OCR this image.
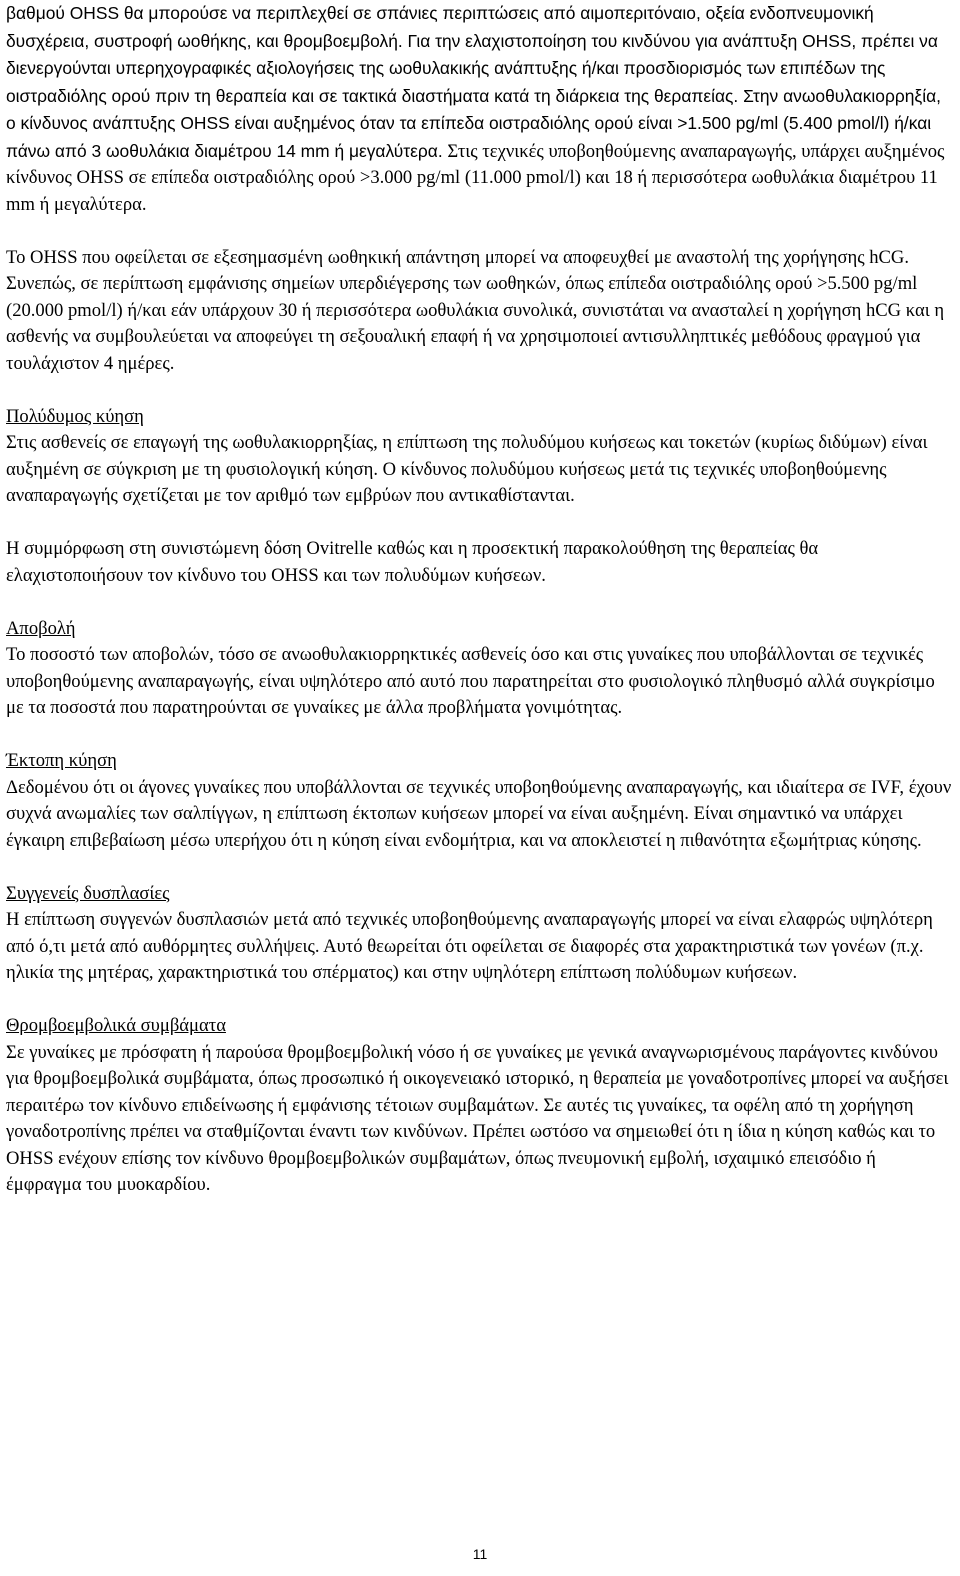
βαθμού OHSS θα μπορούσε να περιπλεχθεί σε σπάνιες περιπτώσεις από αιμοπεριτόναιο, οξεία ενδοπνευμονική δυσχέρεια, συστροφή ωοθήκης, και θρομβοεμβολή. Για την ελαχιστοποίηση του κινδύνου για ανάπτυξη OHSS, πρέπει να διενεργούνται υπερηχογραφικές αξιολογήσεις της ωοθυλακικής ανάπτυξης ή/και προσδιορισμός των επιπέδων της οιστραδιόλης ορού πριν τη θεραπεία και σε τακτικά διαστήματα κατά τη διάρκεια της θεραπείας. Στην ανωοθυλακιορρηξία, ο κίνδυνος ανάπτυξης OHSS είναι αυξημένος όταν τα επίπεδα οιστραδιόλης ορού είναι >1.500 pg/ml (5.400 pmol/l) ή/και πάνω από 3 ωοθυλάκια διαμέτρου 14 mm ή μεγαλύτερα. Στις τεχνικές υποβοηθούμενης αναπαραγωγής, υπάρχει αυξημένος κίνδυνος OHSS σε επίπεδα οιστραδιόλης ορού >3.000 pg/ml (11.000 pmol/l) και 18 ή περισσότερα ωοθυλάκια διαμέτρου 11 mm ή μεγαλύτερα.

Το OHSS που οφείλεται σε εξεσημασμένη ωοθηκική απάντηση μπορεί να αποφευχθεί με αναστολή της χορήγησης hCG. Συνεπώς, σε περίπτωση εμφάνισης σημείων υπερδιέγερσης των ωοθηκών, όπως επίπεδα οιστραδιόλης ορού >5.500 pg/ml (20.000 pmol/l) ή/και εάν υπάρχουν 30 ή περισσότερα ωοθυλάκια συνολικά, συνιστάται να ανασταλεί η χορήγηση hCG και η ασθενής να συμβουλεύεται να αποφεύγει τη σεξουαλική επαφή ή να χρησιμοποιεί αντισυλληπτικές μεθόδους φραγμού για τουλάχιστον 4 ημέρες.

Πολύδυμος κύηση
Στις ασθενείς σε επαγωγή της ωοθυλακιορρηξίας, η επίπτωση της πολυδύμου κυήσεως και τοκετών (κυρίως διδύμων) είναι αυξημένη σε σύγκριση με τη φυσιολογική κύηση. Ο κίνδυνος πολυδύμου κυήσεως μετά τις τεχνικές υποβοηθούμενης αναπαραγωγής σχετίζεται με τον αριθμό των εμβρύων που αντικαθίστανται.

Η συμμόρφωση στη συνιστώμενη δόση Ovitrelle καθώς και η προσεκτική παρακολούθηση της θεραπείας θα ελαχιστοποιήσουν τον κίνδυνο του OHSS και των πολυδύμων κυήσεων.

Αποβολή
Το ποσοστό των αποβολών, τόσο σε ανωοθυλακιορρηκτικές ασθενείς όσο και στις γυναίκες που υποβάλλονται σε τεχνικές υποβοηθούμενης αναπαραγωγής, είναι υψηλότερο από αυτό που παρατηρείται στο φυσιολογικό πληθυσμό αλλά συγκρίσιμο με τα ποσοστά που παρατηρούνται σε γυναίκες με άλλα προβλήματα γονιμότητας.

Έκτοπη κύηση
Δεδομένου ότι οι άγονες γυναίκες που υποβάλλονται σε τεχνικές υποβοηθούμενης αναπαραγωγής, και ιδιαίτερα σε IVF, έχουν συχνά ανωμαλίες των σαλπίγγων, η επίπτωση έκτοπων κυήσεων μπορεί να είναι αυξημένη. Είναι σημαντικό να υπάρχει έγκαιρη επιβεβαίωση μέσω υπερήχου ότι η κύηση είναι ενδομήτρια, και να αποκλειστεί η πιθανότητα εξωμήτριας κύησης.

Συγγενείς δυσπλασίες
Η επίπτωση συγγενών δυσπλασιών μετά από τεχνικές υποβοηθούμενης αναπαραγωγής μπορεί να είναι ελαφρώς υψηλότερη από ό,τι μετά από αυθόρμητες συλλήψεις. Αυτό θεωρείται ότι οφείλεται σε διαφορές στα χαρακτηριστικά των γονέων (π.χ. ηλικία της μητέρας, χαρακτηριστικά του σπέρματος) και στην υψηλότερη επίπτωση πολύδυμων κυήσεων.

Θρομβοεμβολικά συμβάματα
Σε γυναίκες με πρόσφατη ή παρούσα θρομβοεμβολική νόσο ή σε γυναίκες με γενικά αναγνωρισμένους παράγοντες κινδύνου για θρομβοεμβολικά συμβάματα, όπως προσωπικό ή οικογενειακό ιστορικό, η θεραπεία με γοναδοτροπίνες μπορεί να αυξήσει περαιτέρω τον κίνδυνο επιδείνωσης ή εμφάνισης τέτοιων συμβαμάτων. Σε αυτές τις γυναίκες, τα οφέλη από τη χορήγηση γοναδοτροπίνης πρέπει να σταθμίζονται έναντι των κινδύνων. Πρέπει ωστόσο να σημειωθεί ότι η ίδια η κύηση καθώς και το OHSS ενέχουν επίσης τον κίνδυνο θρομβοεμβολικών συμβαμάτων, όπως πνευμονική εμβολή, ισχαιμικό επεισόδιο ή έμφραγμα του μυοκαρδίου.

11
